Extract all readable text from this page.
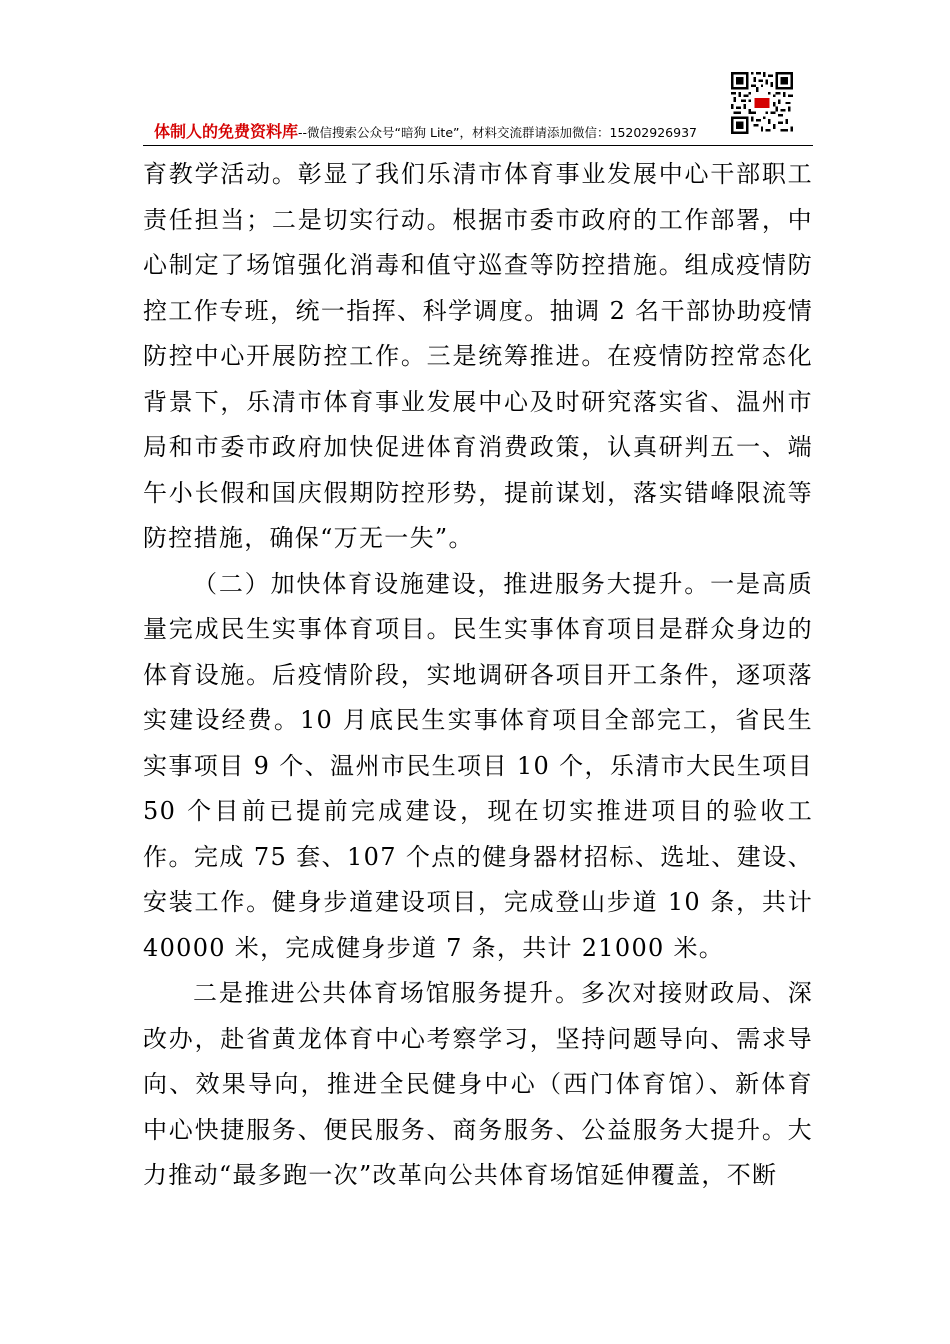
体制人的免费资料库--微信搜索公众号“暗狗 Lite”，材料交流群请添加微信：15202926937

育教学活动。彰显了我们乐清市体育事业发展中心干部职工责任担当；二是切实行动。根据市委市政府的工作部署，中心制定了场馆强化消毒和值守巡查等防控措施。组成疫情防控工作专班，统一指挥、科学调度。抽调 2 名干部协助疫情防控中心开展防控工作。三是统筹推进。在疫情防控常态化背景下，乐清市体育事业发展中心及时研究落实省、温州市局和市委市政府加快促进体育消费政策，认真研判五一、端午小长假和国庆假期防控形势，提前谋划，落实错峰限流等防控措施，确保“万无一失”。

（二）加快体育设施建设，推进服务大提升。一是高质量完成民生实事体育项目。民生实事体育项目是群众身边的体育设施。后疫情阶段，实地调研各项目开工条件，逐项落实建设经费。10 月底民生实事体育项目全部完工，省民生实事项目 9 个、温州市民生项目 10 个，乐清市大民生项目 50 个目前已提前完成建设，现在切实推进项目的验收工作。完成 75 套、107 个点的健身器材招标、选址、建设、安装工作。健身步道建设项目，完成登山步道 10 条，共计 40000 米，完成健身步道 7 条，共计 21000 米。

二是推进公共体育场馆服务提升。多次对接财政局、深改办，赴省黄龙体育中心考察学习，坚持问题导向、需求导向、效果导向，推进全民健身中心（西门体育馆）、新体育中心快捷服务、便民服务、商务服务、公益服务大提升。大力推动“最多跑一次”改革向公共体育场馆延伸覆盖，不断
